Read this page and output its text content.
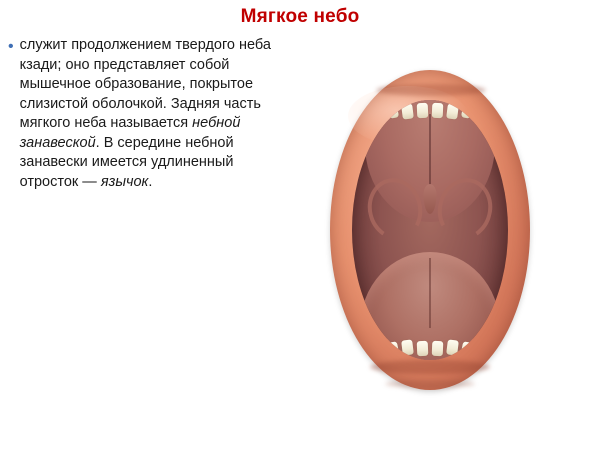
Мягкое небо
• служит продолжением твердого неба кзади; оно представляет собой мышечное образование, покрытое слизистой оболочкой. Задняя часть мягкого неба называется небной занавеской. В середине небной занавески имеется удлиненный отросток — язычок.
